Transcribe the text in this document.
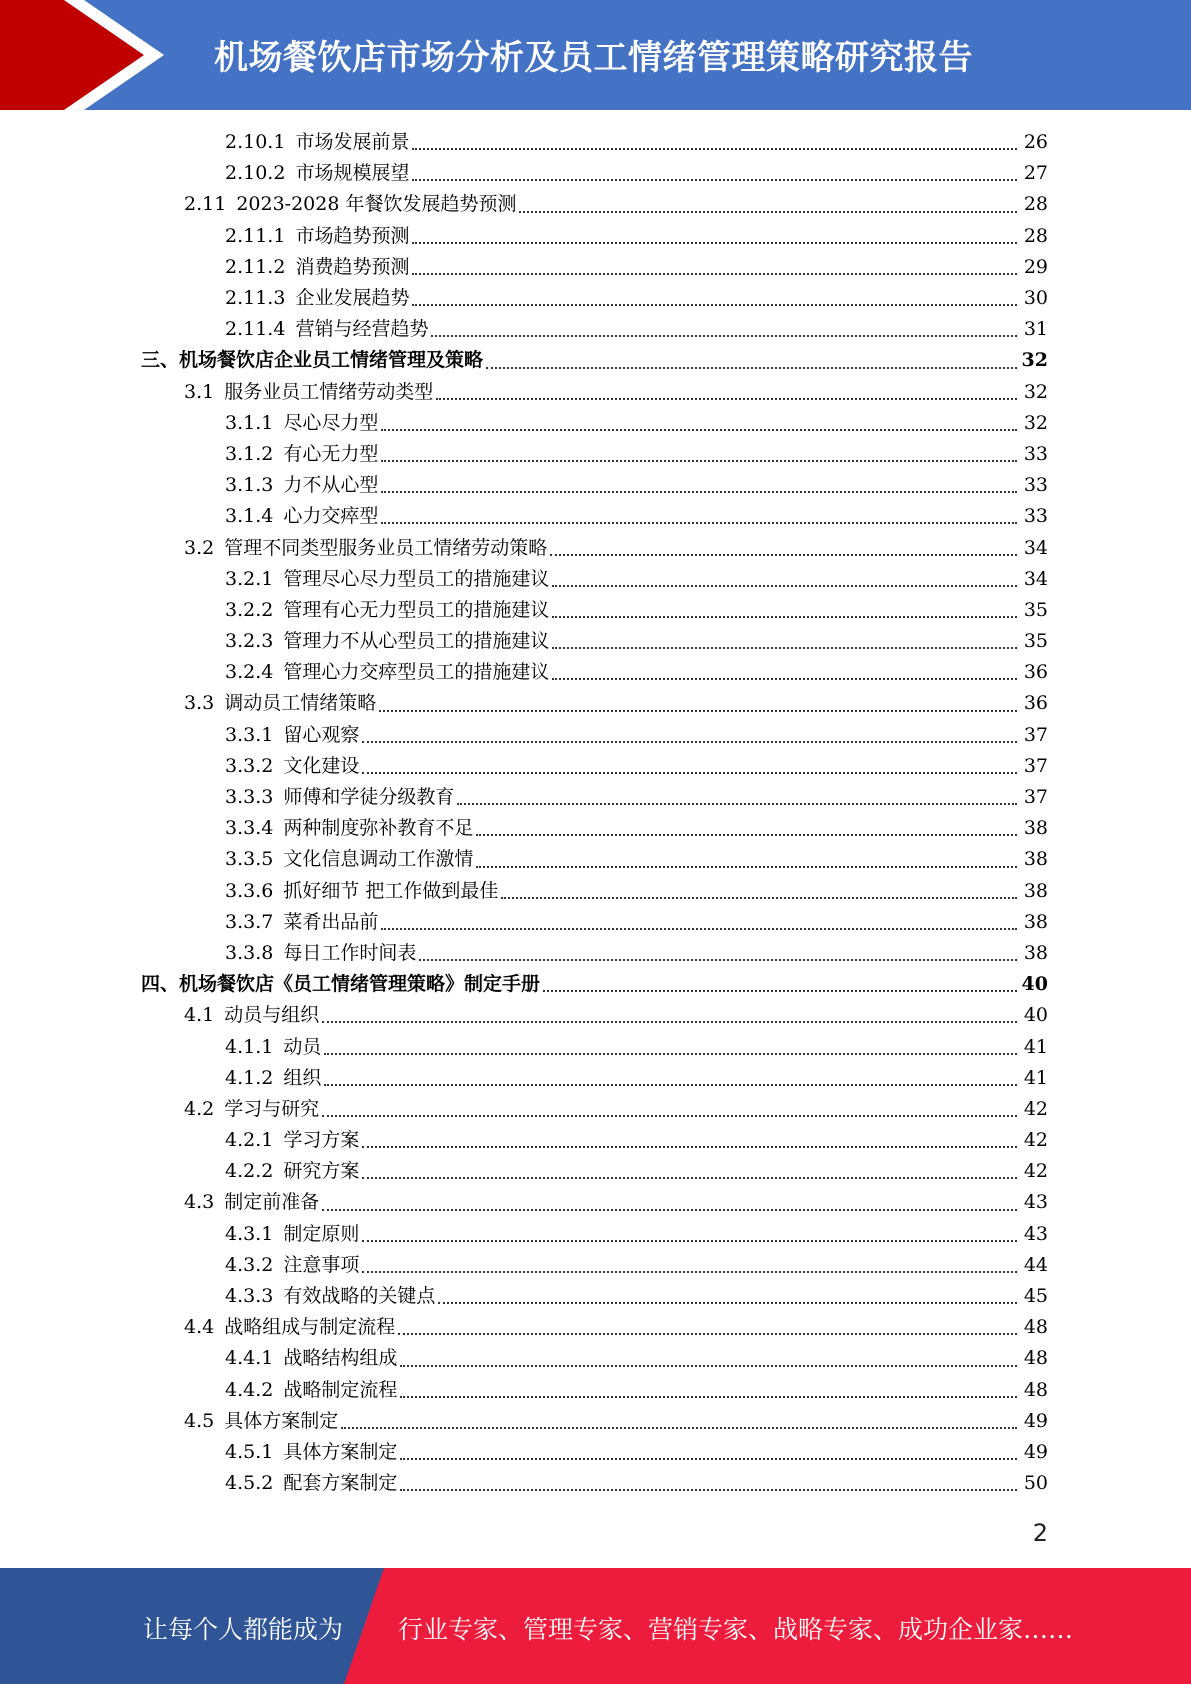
机场餐饮店市场分析及员工情绪管理策略研究报告
2.10.1 市场发展前景	26
2.10.2 市场规模展望	27
2.11 2023-2028 年餐饮发展趋势预测	28
2.11.1 市场趋势预测	28
2.11.2 消费趋势预测	29
2.11.3 企业发展趋势	30
2.11.4 营销与经营趋势	31
三、机场餐饮店企业员工情绪管理及策略	32
3.1 服务业员工情绪劳动类型	32
3.1.1 尽心尽力型	32
3.1.2 有心无力型	33
3.1.3 力不从心型	33
3.1.4 心力交瘁型	33
3.2 管理不同类型服务业员工情绪劳动策略	34
3.2.1 管理尽心尽力型员工的措施建议	34
3.2.2 管理有心无力型员工的措施建议	35
3.2.3 管理力不从心型员工的措施建议	35
3.2.4 管理心力交瘁型员工的措施建议	36
3.3 调动员工情绪策略	36
3.3.1 留心观察	37
3.3.2 文化建设	37
3.3.3 师傅和学徒分级教育	37
3.3.4 两种制度弥补教育不足	38
3.3.5 文化信息调动工作激情	38
3.3.6 抓好细节 把工作做到最佳	38
3.3.7 菜肴出品前	38
3.3.8 每日工作时间表	38
四、机场餐饮店《员工情绪管理策略》制定手册	40
4.1 动员与组织	40
4.1.1 动员	41
4.1.2 组织	41
4.2 学习与研究	42
4.2.1 学习方案	42
4.2.2 研究方案	42
4.3 制定前准备	43
4.3.1 制定原则	43
4.3.2 注意事项	44
4.3.3 有效战略的关键点	45
4.4 战略组成与制定流程	48
4.4.1 战略结构组成	48
4.4.2 战略制定流程	48
4.5 具体方案制定	49
4.5.1 具体方案制定	49
4.5.2 配套方案制定	50
2
让每个人都能成为 行业专家、管理专家、营销专家、战略专家、成功企业家……
